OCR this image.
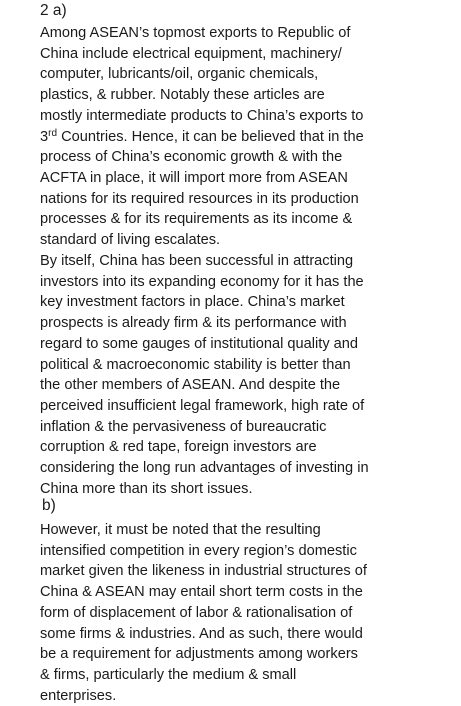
2 a)

Among ASEAN’s topmost exports to Republic of
China include electrical equipment, machinery/
computer, lubricants/oil, organic chemicals,
plastics, & rubber. Notably these articles are
mostly intermediate products to China’s exports to
3rd Countries. Hence, it can be believed that in the
process of China’s economic growth & with the
ACFTA in place, it will import more from ASEAN
nations for its required resources in its production
processes & for its requirements as its income &
standard of living escalates.

By itself, China has been successful in attracting
investors into its expanding economy for it has the
key investment factors in place. China’s market
prospects is already firm & its performance with
regard to some gauges of institutional quality and
political & macroeconomic stability is better than
the other members of ASEAN. And despite the
perceived insufficient legal framework, high rate of
inflation & the pervasiveness of bureaucratic
corruption & red tape, foreign investors are
considering the long run advantages of investing in
China more than its short issues.

b)

However, it must be noted that the resulting
intensified competition in every region’s domestic
market given the likeness in industrial structures of
China & ASEAN may entail short term costs in the
form of displacement of labor & rationalisation of
some firms & industries. And as such, there would
be a requirement for adjustments among workers
& firms, particularly the medium & small
enterprises.
